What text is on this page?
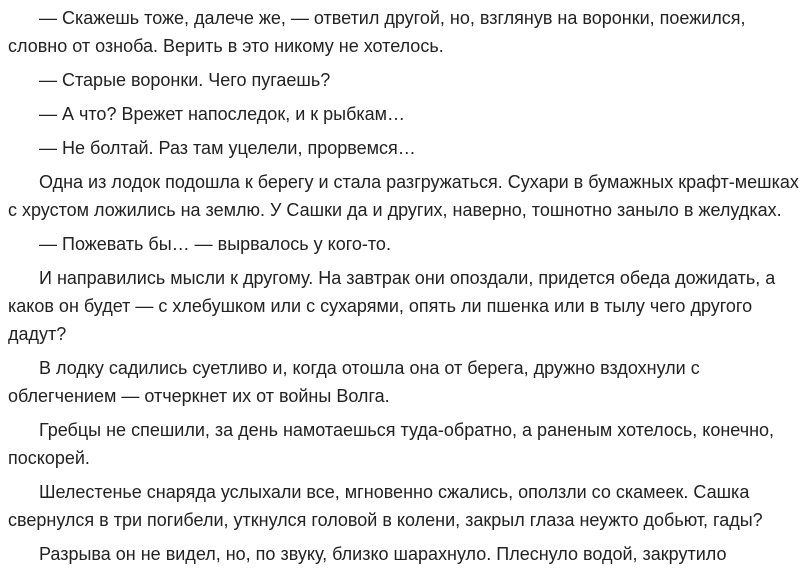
— Скажешь тоже, далече же, — ответил другой, но, взглянув на воронки, поежился, словно от озноба. Верить в это никому не хотелось.

— Старые воронки. Чего пугаешь?

— А что? Врежет напоследок, и к рыбкам…

— Не болтай. Раз там уцелели, прорвемся…

Одна из лодок подошла к берегу и стала разгружаться. Сухари в бумажных крафт-мешках с хрустом ложились на землю. У Сашки да и других, наверно, тошнотно заныло в желудках.

— Пожевать бы… — вырвалось у кого-то.

И направились мысли к другому. На завтрак они опоздали, придется обеда дожидать, а каков он будет — с хлебушком или с сухарями, опять ли пшенка или в тылу чего другого дадут?

В лодку садились суетливо и, когда отошла она от берега, дружно вздохнули с облегчением — отчеркнет их от войны Волга.

Гребцы не спешили, за день намотаешься туда-обратно, а раненым хотелось, конечно, поскорей.

Шелестенье снаряда услыхали все, мгновенно сжались, оползли со скамеек. Сашка свернулся в три погибели, уткнулся головой в колени, закрыл глаза неужто добьют, гады?

Разрыва он не видел, но, по звуку, близко шарахнуло. Плеснуло водой, закрутило
